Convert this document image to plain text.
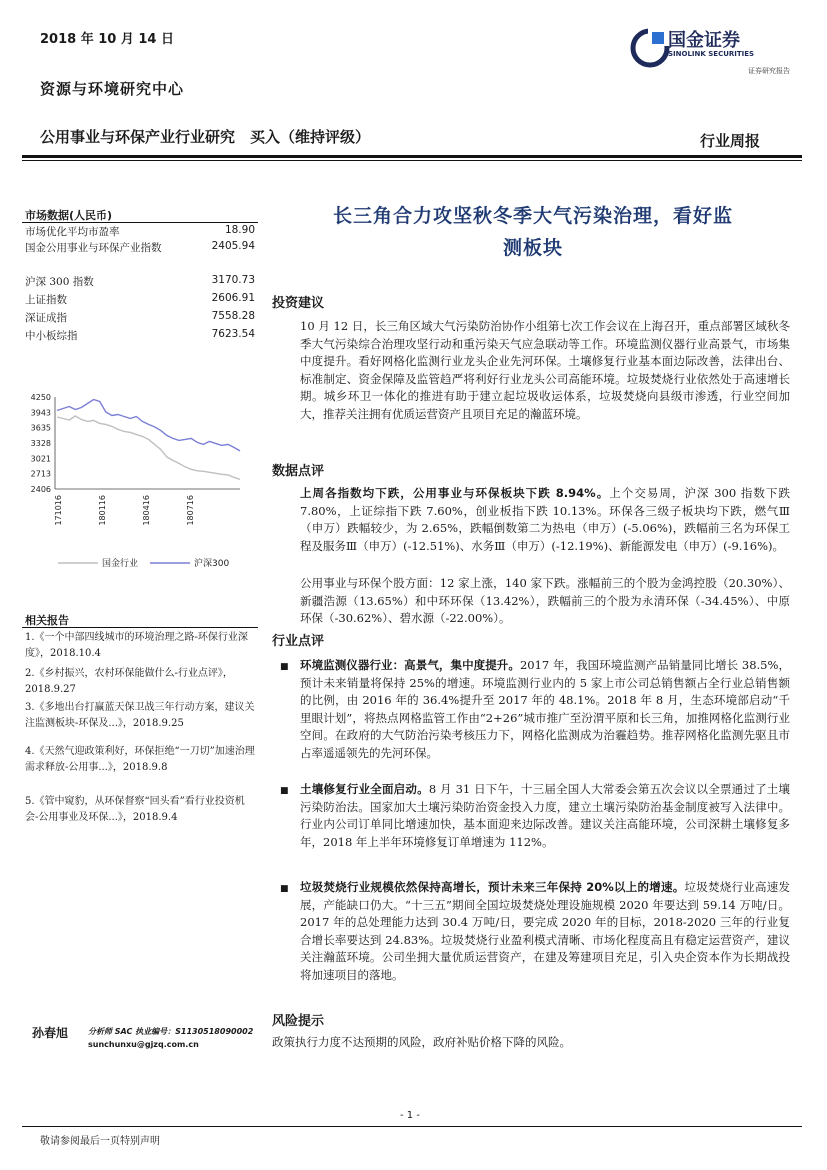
2018 年 10 月 14 日	国金证券
SINOLINK SECURITIES
证券研究报告
资源与环境研究中心
公用事业与环保产业行业研究　买入（维持评级）	行业周报
市场数据(人民币)
市场优化平均市盈率	18.90
国金公用事业与环保产业指数	2405.94
沪深 300 指数	3170.73
上证指数	2606.91
深证成指	7558.28
中小板综指	7623.54
4250
3943
3635
3328
3021
2713
2406
171016	180116	180416	180716
国金行业	沪深300
相关报告
1.《一个中部四线城市的环境治理之路-环保行业深度》，2018.10.4
2.《乡村振兴，农村环保能做什么-行业点评》，2018.9.27
3.《多地出台打赢蓝天保卫战三年行动方案，建议关注监测板块-环保及...》，2018.9.25
4.《天然气迎政策利好，环保拒绝“一刀切”加速治理需求释放-公用事...》，2018.9.8
5.《管中窥豹，从环保督察“回头看”看行业投资机会-公用事业及环保...》，2018.9.4
孙春旭 分析师 SAC 执业编号：S1130518090002
sunchunxu@gjzq.com.cn
长三角合力攻坚秋冬季大气污染治理，看好监
测板块
投资建议
10 月 12 日，长三角区域大气污染防治协作小组第七次工作会议在上海召开，重点部署区域秋冬季大气污染综合治理攻坚行动和重污染天气应急联动等工作。环境监测仪器行业高景气，市场集中度提升。看好网格化监测行业龙头企业先河环保。土壤修复行业基本面边际改善，法律出台、标准制定、资金保障及监管趋严将利好行业龙头公司高能环境。垃圾焚烧行业依然处于高速增长期。城乡环卫一体化的推进有助于建立起垃圾收运体系，垃圾焚烧向县级市渗透，行业空间加大，推荐关注拥有优质运营资产且项目充足的瀚蓝环境。
数据点评
上周各指数均下跌，公用事业与环保板块下跌 8.94%。上个交易周，沪深 300 指数下跌 7.80%，上证综指下跌 7.60%，创业板指下跌 10.13%。环保各三级子板块均下跌，燃气Ⅲ（申万）跌幅较少，为 2.65%，跌幅倒数第二为热电（申万）(-5.06%)，跌幅前三名为环保工程及服务Ⅲ（申万）(-12.51%)、水务Ⅲ（申万）(-12.19%)、新能源发电（申万）(-9.16%)。
公用事业与环保个股方面：12 家上涨，140 家下跌。涨幅前三的个股为金鸿控股（20.30%）、新疆浩源（13.65%）和中环环保（13.42%），跌幅前三的个股为永清环保（-34.45%）、中原环保（-30.62%）、碧水源（-22.00%）。
行业点评
■ 环境监测仪器行业：高景气，集中度提升。2017 年，我国环境监测产品销量同比增长 38.5%，预计未来销量将保持 25%的增速。环境监测行业内的 5 家上市公司总销售额占全行业总销售额的比例，由 2016 年的 36.4%提升至 2017 年的 48.1%。2018 年 8 月，生态环境部启动“千里眼计划”，将热点网格监管工作由“2+26”城市推广至汾渭平原和长三角，加推网格化监测行业空间。在政府的大气防治污染考核压力下，网格化监测成为治霾趋势。推荐网格化监测先驱且市占率遥遥领先的先河环保。
■ 土壤修复行业全面启动。8 月 31 日下午，十三届全国人大常委会第五次会议以全票通过了土壤污染防治法。国家加大土壤污染防治资金投入力度，建立土壤污染防治基金制度被写入法律中。行业内公司订单同比增速加快，基本面迎来边际改善。建议关注高能环境，公司深耕土壤修复多年，2018 年上半年环境修复订单增速为 112%。
■ 垃圾焚烧行业规模依然保持高增长，预计未来三年保持 20%以上的增速。垃圾焚烧行业高速发展，产能缺口仍大。“十三五”期间全国垃圾焚烧处理设施规模 2020 年要达到 59.14 万吨/日。2017 年的总处理能力达到 30.4 万吨/日，要完成 2020 年的目标，2018-2020 三年的行业复合增长率要达到 24.83%。垃圾焚烧行业盈利模式清晰、市场化程度高且有稳定运营资产，建议关注瀚蓝环境。公司坐拥大量优质运营资产，在建及筹建项目充足，引入央企资本作为长期战投将加速项目的落地。
风险提示
政策执行力度不达预期的风险，政府补贴价格下降的风险。
- 1 -
敬请参阅最后一页特别声明
